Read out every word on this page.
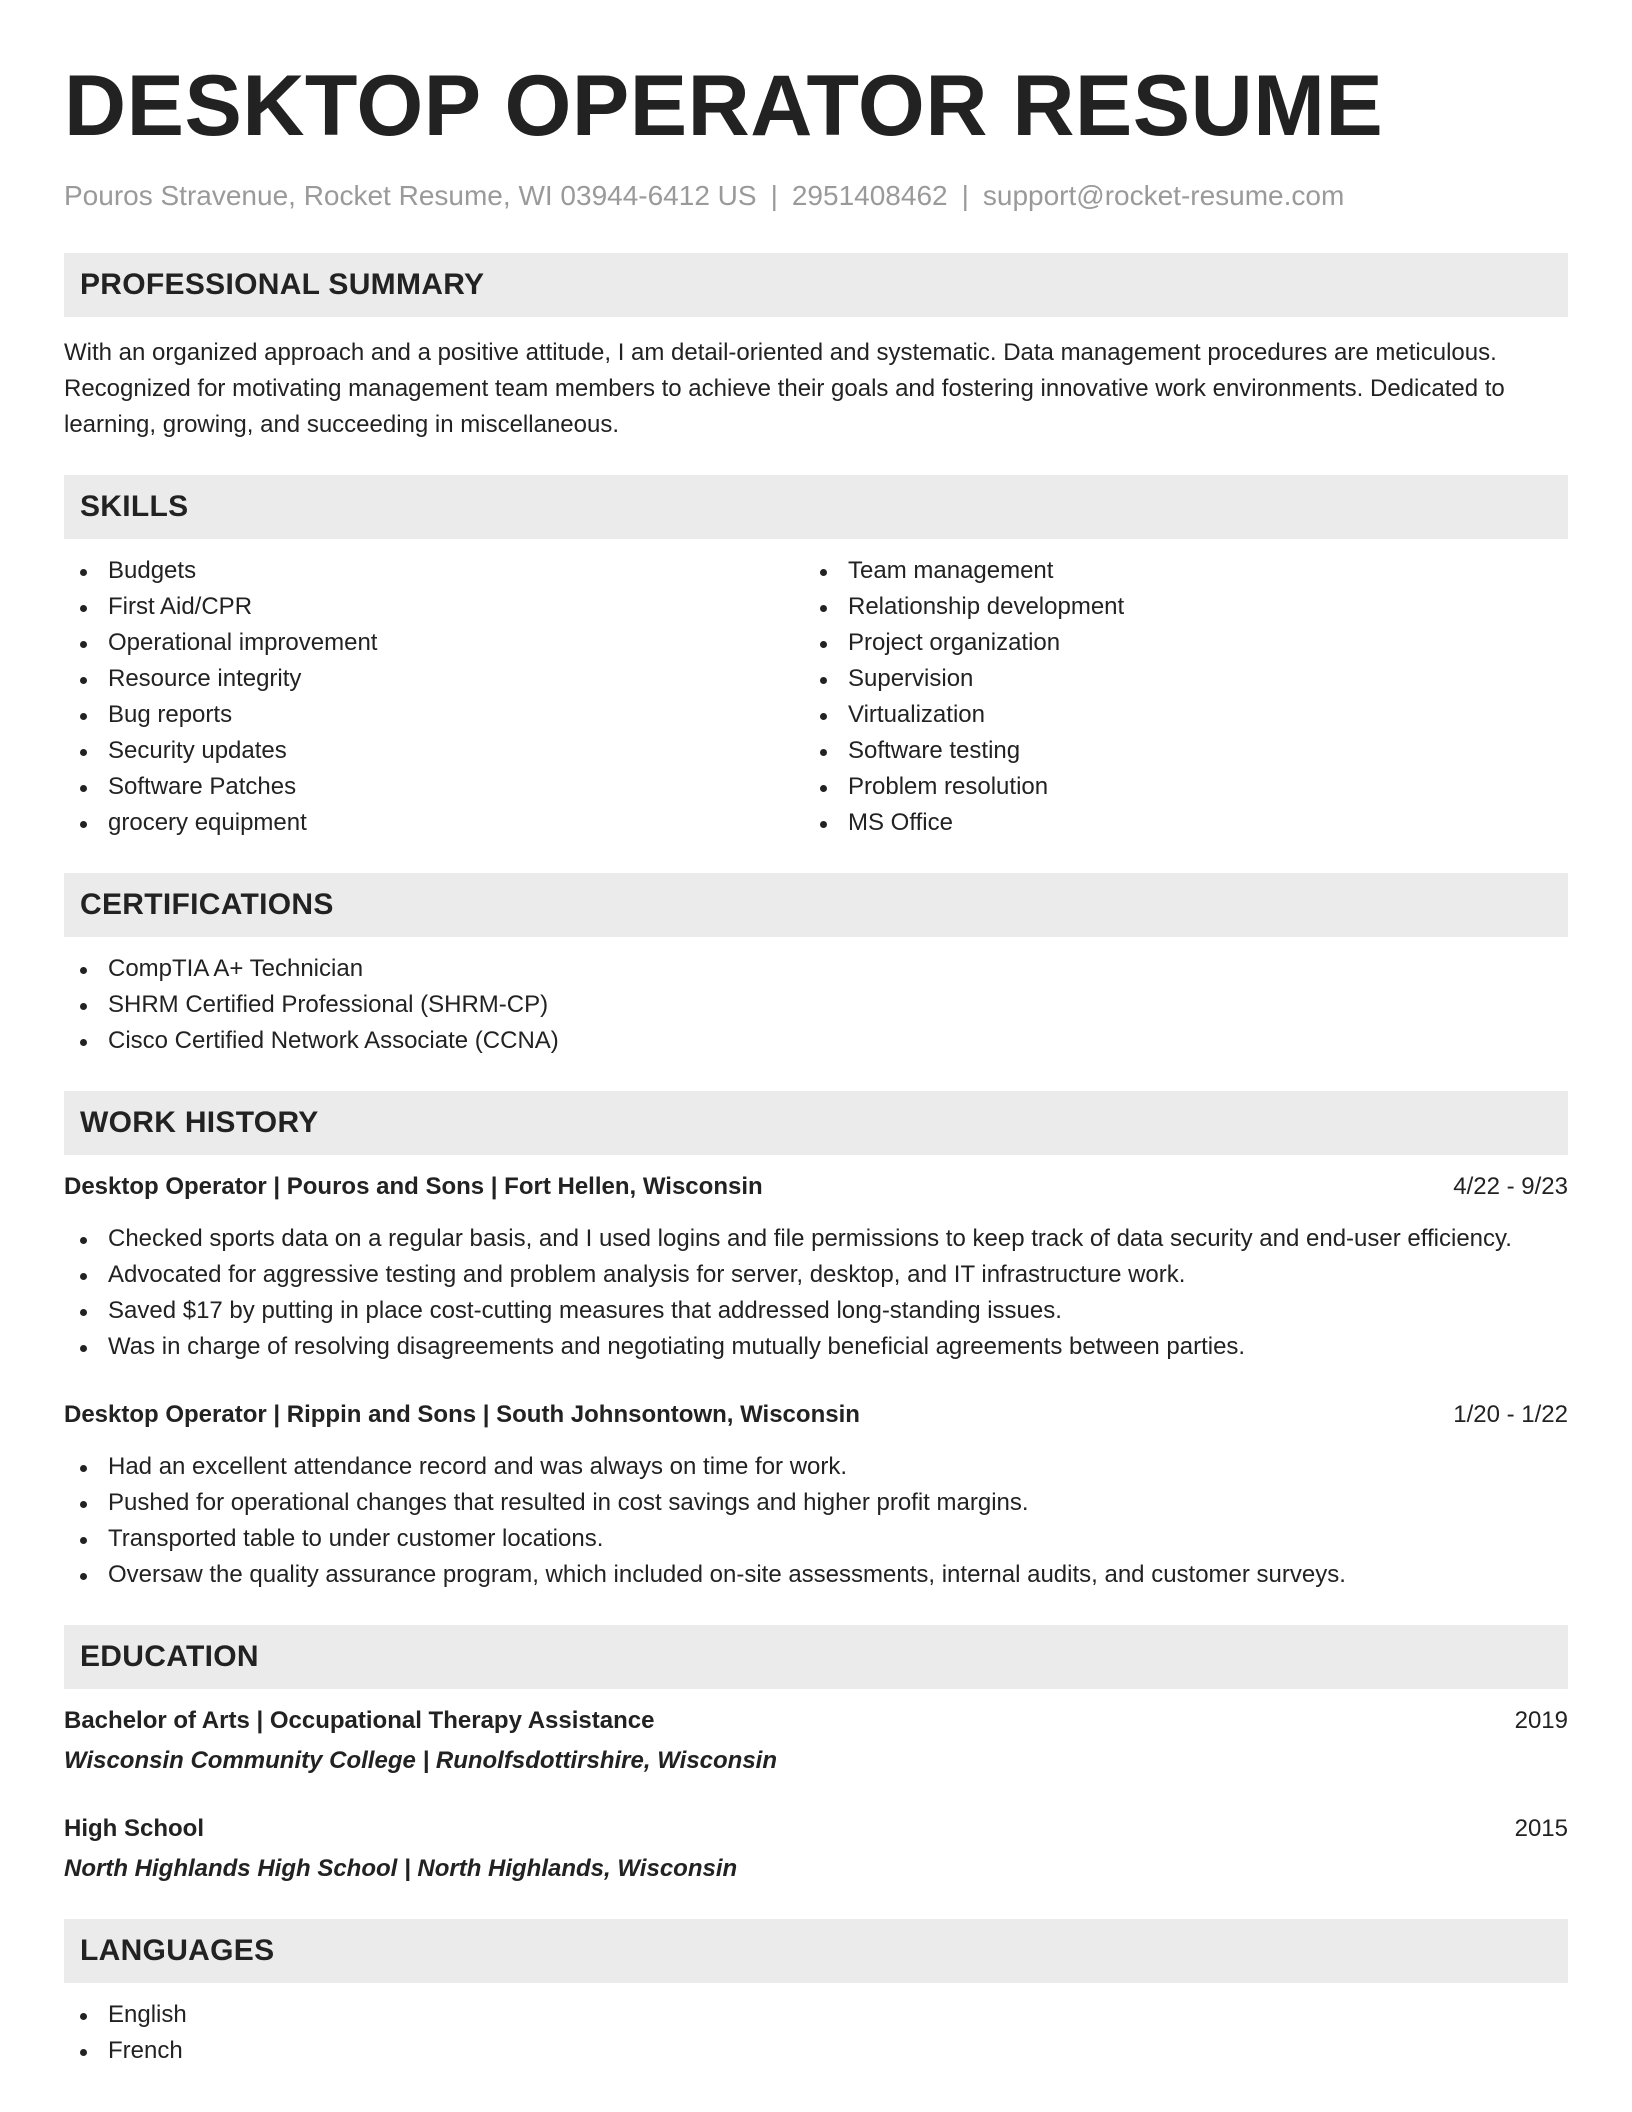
DESKTOP OPERATOR RESUME
Pouros Stravenue, Rocket Resume, WI 03944-6412 US | 2951408462 | support@rocket-resume.com
PROFESSIONAL SUMMARY
With an organized approach and a positive attitude, I am detail-oriented and systematic. Data management procedures are meticulous. Recognized for motivating management team members to achieve their goals and fostering innovative work environments. Dedicated to learning, growing, and succeeding in miscellaneous.
SKILLS
Budgets
First Aid/CPR
Operational improvement
Resource integrity
Bug reports
Security updates
Software Patches
grocery equipment
Team management
Relationship development
Project organization
Supervision
Virtualization
Software testing
Problem resolution
MS Office
CERTIFICATIONS
CompTIA A+ Technician
SHRM Certified Professional (SHRM-CP)
Cisco Certified Network Associate (CCNA)
WORK HISTORY
Desktop Operator | Pouros and Sons | Fort Hellen, Wisconsin	4/22 - 9/23
Checked sports data on a regular basis, and I used logins and file permissions to keep track of data security and end-user efficiency.
Advocated for aggressive testing and problem analysis for server, desktop, and IT infrastructure work.
Saved $17 by putting in place cost-cutting measures that addressed long-standing issues.
Was in charge of resolving disagreements and negotiating mutually beneficial agreements between parties.
Desktop Operator | Rippin and Sons | South Johnsontown, Wisconsin	1/20 - 1/22
Had an excellent attendance record and was always on time for work.
Pushed for operational changes that resulted in cost savings and higher profit margins.
Transported table to under customer locations.
Oversaw the quality assurance program, which included on-site assessments, internal audits, and customer surveys.
EDUCATION
Bachelor of Arts | Occupational Therapy Assistance	2019
Wisconsin Community College | Runolfsdottirshire, Wisconsin
High School	2015
North Highlands High School | North Highlands, Wisconsin
LANGUAGES
English
French
